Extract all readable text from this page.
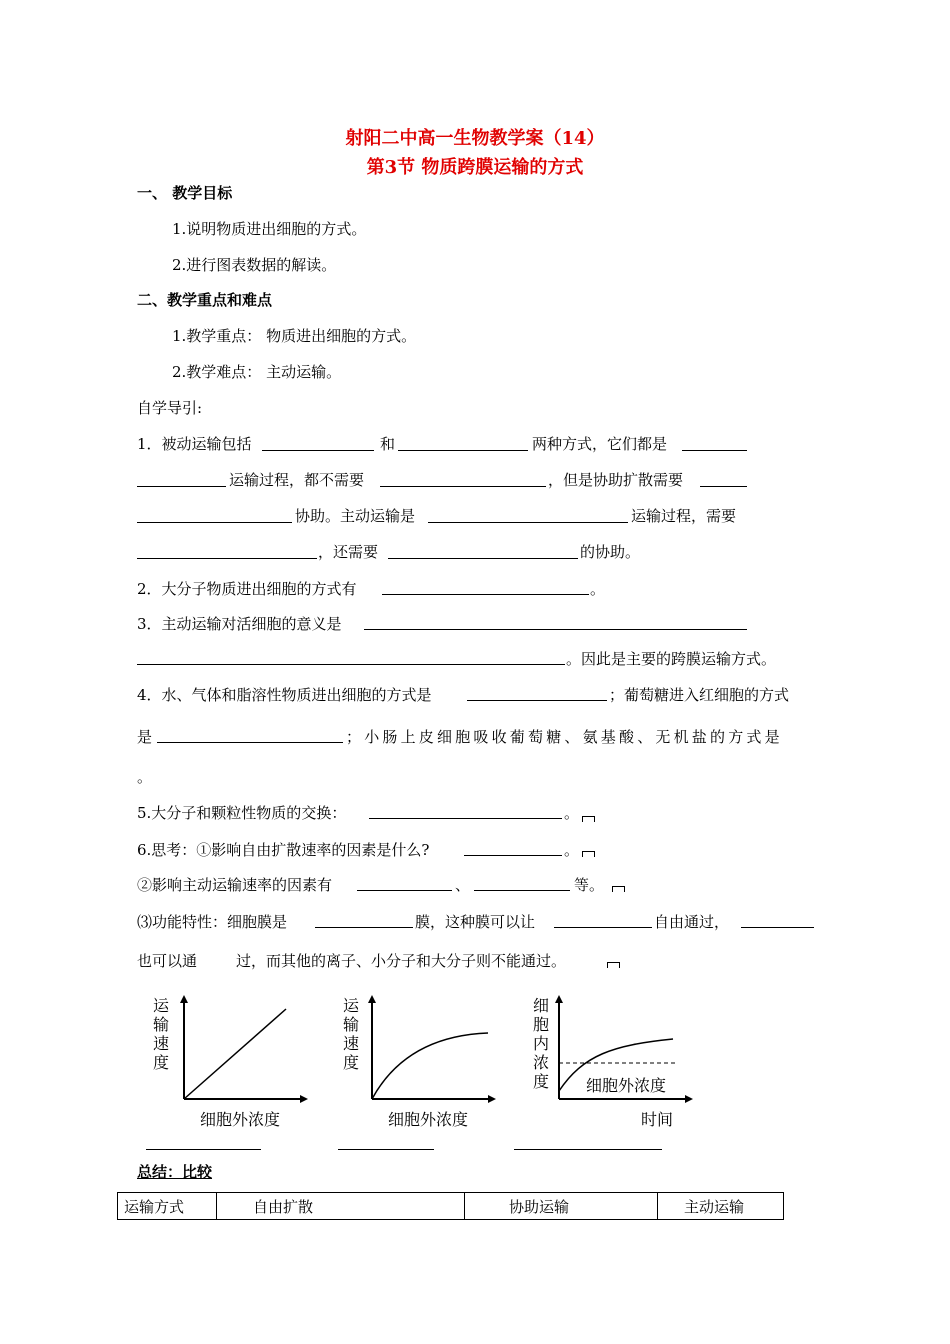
射阳二中高一生物教学案（14）
第3节 物质跨膜运输的方式
一、 教学目标
1.说明物质进出细胞的方式。
2.进行图表数据的解读。
二、教学重点和难点
1.教学重点： 物质进出细胞的方式。
2.教学难点： 主动运输。
自学导引:
1．被动运输包括	和	两种方式，它们都是
运输过程，都不需要	，但是协助扩散需要
协助。主动运输是	运输过程，需要
，还需要	的协助。
2．大分子物质进出细胞的方式有	。
3．主动运输对活细胞的意义是
。因此是主要的跨膜运输方式。
4．水、气体和脂溶性物质进出细胞的方式是	；葡萄糖进入红细胞的方式
是	；小肠上皮细胞吸收葡萄糖、氨基酸、无机盐的方式是
。
5.大分子和颗粒性物质的交换：	。
6.思考：①影响自由扩散速率的因素是什么?	。
②影响主动运输速率的因素有	、	等。
⑶功能特性：细胞膜是	膜，这种膜可以让	自由通过，
也可以通	过，而其他的离子、小分子和大分子则不能通过。
运
输
速
度
细胞外浓度
运
输
速
度
细胞外浓度
细
胞
内
浓
度 细胞外浓度
时间
总结：比较
运输方式	自由扩散	协助运输	主动运输
